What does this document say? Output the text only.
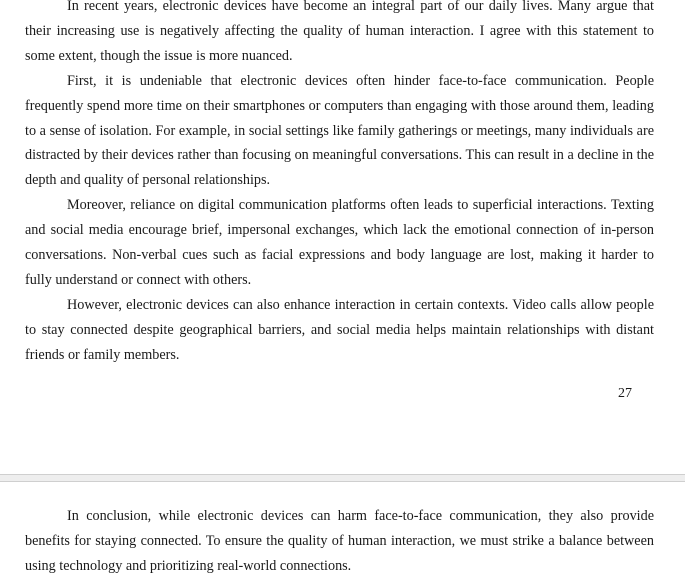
In recent years, electronic devices have become an integral part of our daily lives. Many argue that their increasing use is negatively affecting the quality of human interaction. I agree with this statement to some extent, though the issue is more nuanced.

First, it is undeniable that electronic devices often hinder face-to-face communication. People frequently spend more time on their smartphones or computers than engaging with those around them, leading to a sense of isolation. For example, in social settings like family gatherings or meetings, many individuals are distracted by their devices rather than focusing on meaningful conversations. This can result in a decline in the depth and quality of personal relationships.

Moreover, reliance on digital communication platforms often leads to superficial interactions. Texting and social media encourage brief, impersonal exchanges, which lack the emotional connection of in-person conversations. Non-verbal cues such as facial expressions and body language are lost, making it harder to fully understand or connect with others.

However, electronic devices can also enhance interaction in certain contexts. Video calls allow people to stay connected despite geographical barriers, and social media helps maintain relationships with distant friends or family members.

27

In conclusion, while electronic devices can harm face-to-face communication, they also provide benefits for staying connected. To ensure the quality of human interaction, we must strike a balance between using technology and prioritizing real-world connections.
